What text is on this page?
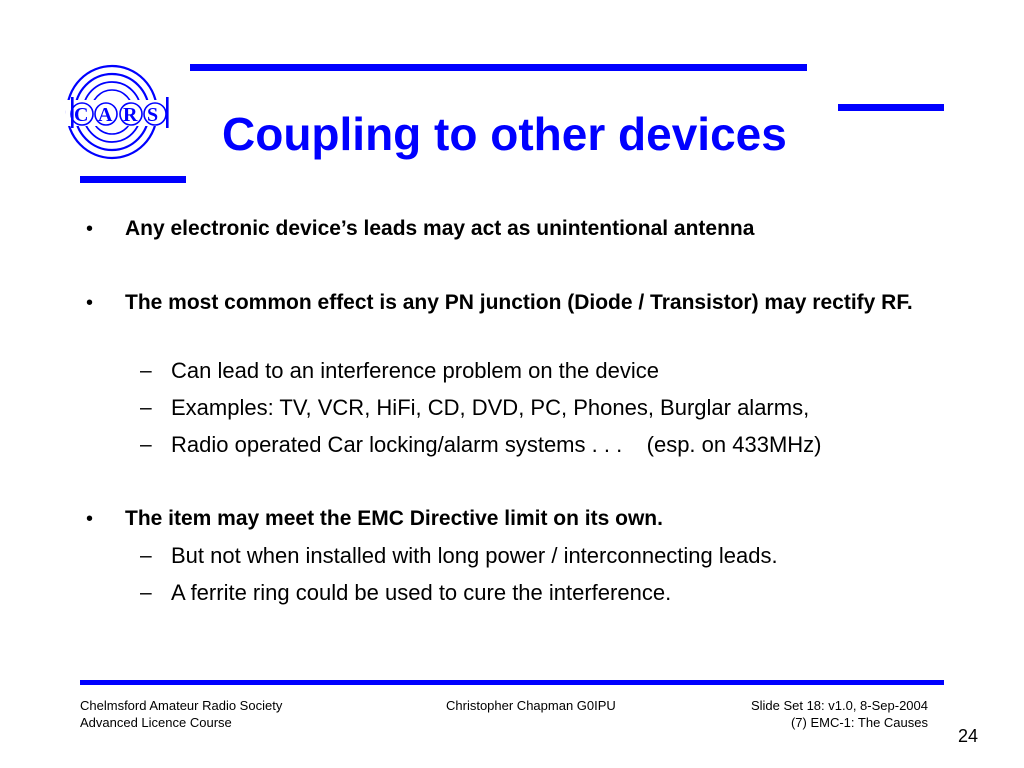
C A R S Coupling to other devices
• Any electronic device’s leads may act as unintentional antenna
• The most common effect is any PN junction (Diode / Transistor) may rectify RF.
– Can lead to an interference problem on the device
– Examples: TV, VCR, HiFi, CD, DVD, PC, Phones, Burglar alarms,
– Radio operated Car locking/alarm systems . . .    (esp. on 433MHz)
• The item may meet the EMC Directive limit on its own.
– But not when installed with long power / interconnecting leads.
– A ferrite ring could be used to cure the interference.
Chelmsford Amateur Radio Society
Advanced Licence Course
Christopher Chapman G0IPU	Slide Set 18: v1.0, 8-Sep-2004
(7) EMC-1: The Causes
24
